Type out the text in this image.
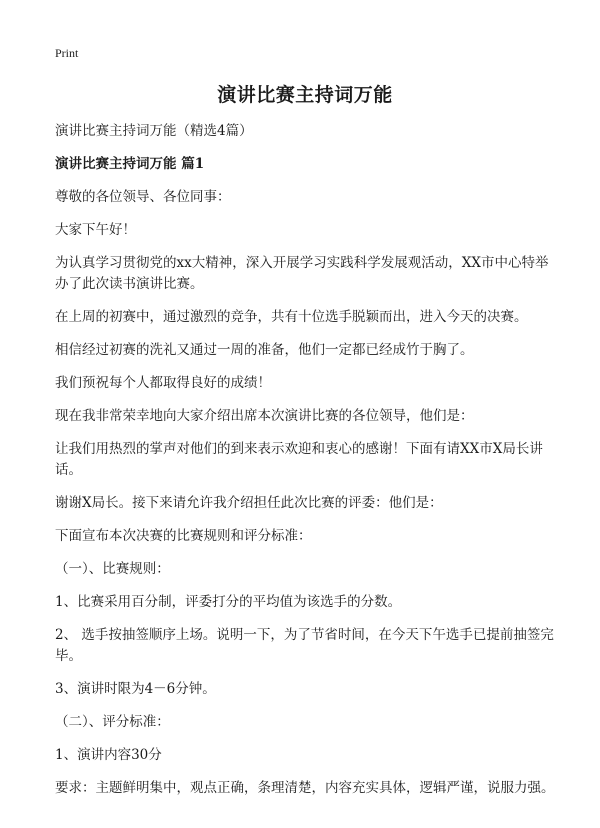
Print
演讲比赛主持词万能

演讲比赛主持词万能（精选4篇）

演讲比赛主持词万能 篇1

尊敬的各位领导、各位同事：

大家下午好！

为认真学习贯彻党的xx大精神，深入开展学习实践科学发展观活动，XX市中心特举办了此次读书演讲比赛。

在上周的初赛中，通过激烈的竞争，共有十位选手脱颖而出，进入今天的决赛。

相信经过初赛的洗礼又通过一周的准备，他们一定都已经成竹于胸了。

我们预祝每个人都取得良好的成绩！

现在我非常荣幸地向大家介绍出席本次演讲比赛的各位领导，他们是：

让我们用热烈的掌声对他们的到来表示欢迎和衷心的感谢！下面有请XX市X局长讲话。

谢谢X局长。接下来请允许我介绍担任此次比赛的评委：他们是：

下面宣布本次决赛的比赛规则和评分标准：

（一）、比赛规则：

1、比赛采用百分制，评委打分的平均值为该选手的分数。

2、 选手按抽签顺序上场。说明一下，为了节省时间，在今天下午选手已提前抽签完毕。

3、演讲时限为4－6分钟。

（二）、评分标准：

1、演讲内容30分

要求：主题鲜明集中，观点正确，条理清楚，内容充实具体，逻辑严谨，说服力强。
